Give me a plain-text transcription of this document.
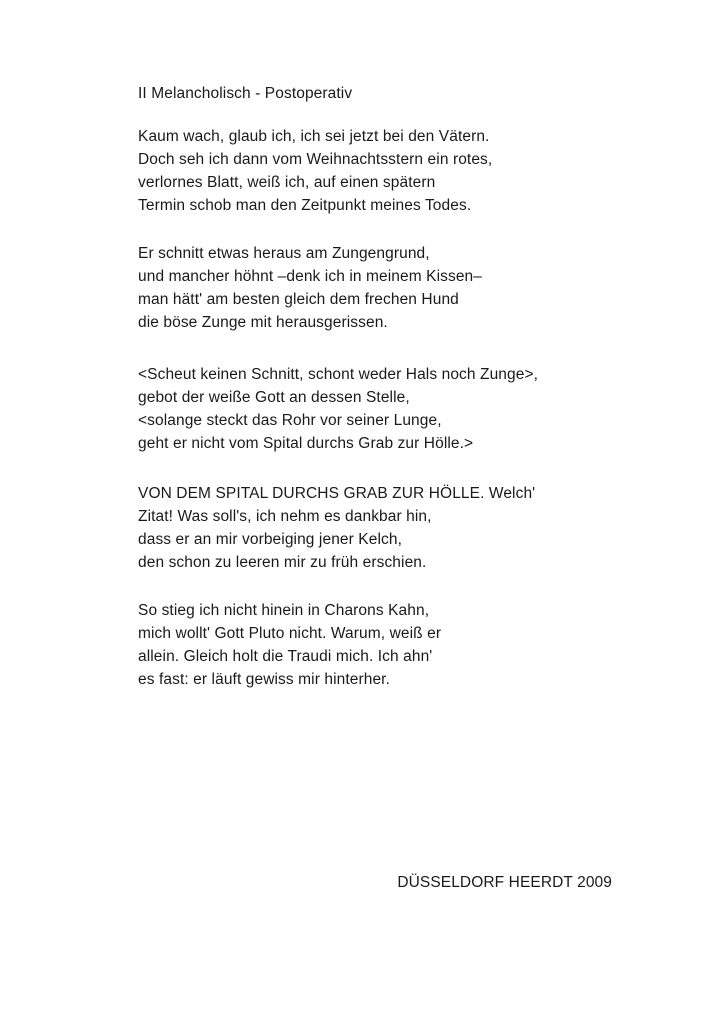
II Melancholisch - Postoperativ
Kaum wach, glaub ich, ich sei jetzt bei den Vätern.
Doch seh ich dann vom Weihnachtsstern ein rotes,
verlornes Blatt, weiß ich, auf einen spätern
Termin schob man den Zeitpunkt meines Todes.
Er schnitt etwas heraus am Zungengrund,
und mancher höhnt –denk ich in meinem Kissen–
man hätt' am besten gleich dem frechen Hund
die böse Zunge mit herausgerissen.
<Scheut keinen Schnitt, schont weder Hals noch Zunge>,
gebot der weiße Gott an dessen Stelle,
<solange steckt das Rohr vor seiner Lunge,
geht er nicht vom Spital durchs Grab zur Hölle.>
VON DEM SPITAL DURCHS GRAB ZUR HÖLLE. Welch'
Zitat! Was soll's, ich nehm es dankbar hin,
dass er an mir vorbeiging jener Kelch,
den schon zu leeren mir zu früh erschien.
So stieg ich nicht hinein in Charons Kahn,
mich wollt' Gott Pluto nicht. Warum, weiß er
allein. Gleich holt die Traudi mich. Ich ahn'
es fast: er läuft gewiss mir hinterher.
DÜSSELDORF HEERDT 2009
